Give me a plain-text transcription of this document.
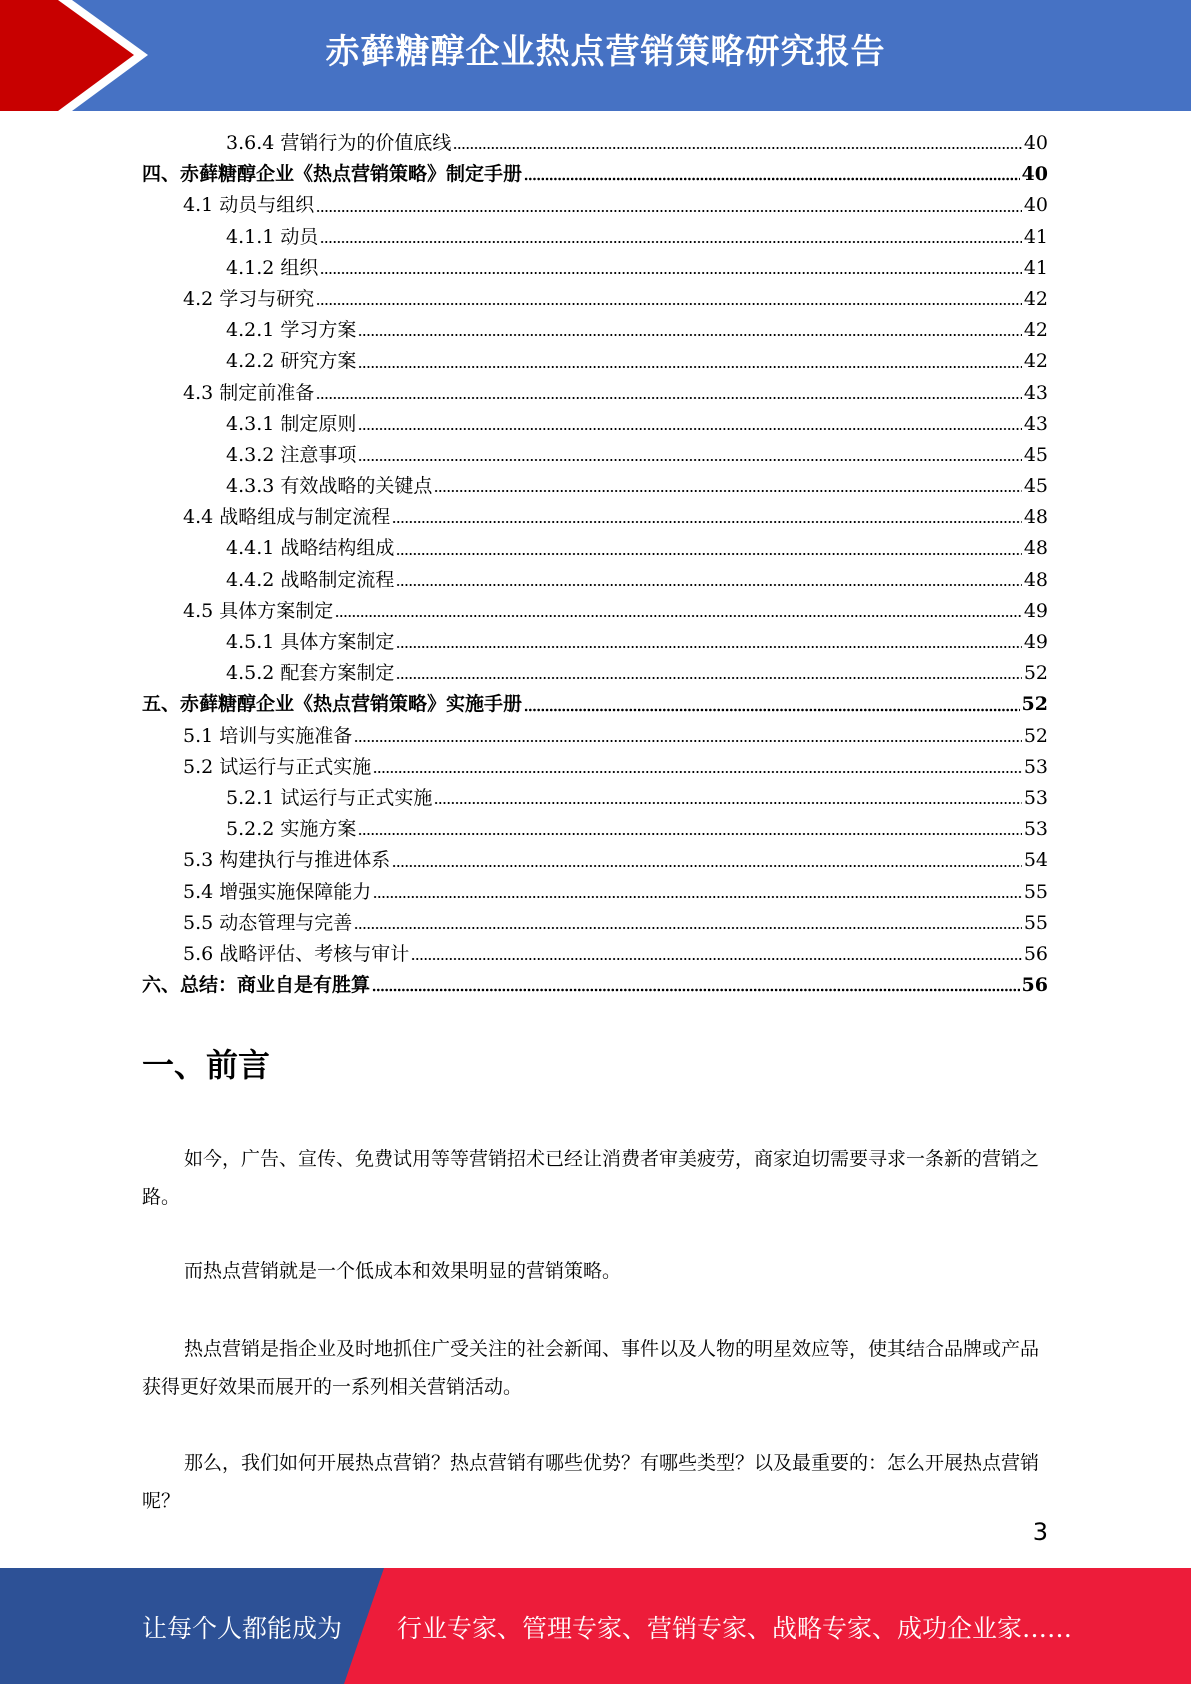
赤藓糖醇企业热点营销策略研究报告
3.6.4 营销行为的价值底线	40
四、赤藓糖醇企业《热点营销策略》制定手册	40
4.1 动员与组织	40
4.1.1 动员	41
4.1.2 组织	41
4.2 学习与研究	42
4.2.1 学习方案	42
4.2.2 研究方案	42
4.3 制定前准备	43
4.3.1 制定原则	43
4.3.2 注意事项	45
4.3.3 有效战略的关键点	45
4.4 战略组成与制定流程	48
4.4.1 战略结构组成	48
4.4.2 战略制定流程	48
4.5 具体方案制定	49
4.5.1 具体方案制定	49
4.5.2 配套方案制定	52
五、赤藓糖醇企业《热点营销策略》实施手册	52
5.1 培训与实施准备	52
5.2 试运行与正式实施	53
5.2.1 试运行与正式实施	53
5.2.2 实施方案	53
5.3 构建执行与推进体系	54
5.4 增强实施保障能力	55
5.5 动态管理与完善	55
5.6 战略评估、考核与审计	56
六、总结：商业自是有胜算	56
一、前言

如今，广告、宣传、免费试用等等营销招术已经让消费者审美疲劳，商家迫切需要寻求一条新的营销之路。

而热点营销就是一个低成本和效果明显的营销策略。

热点营销是指企业及时地抓住广受关注的社会新闻、事件以及人物的明星效应等，使其结合品牌或产品获得更好效果而展开的一系列相关营销活动。

那么，我们如何开展热点营销？热点营销有哪些优势？有哪些类型？以及最重要的：怎么开展热点营销呢？

3
让每个人都能成为 行业专家、管理专家、营销专家、战略专家、成功企业家……
